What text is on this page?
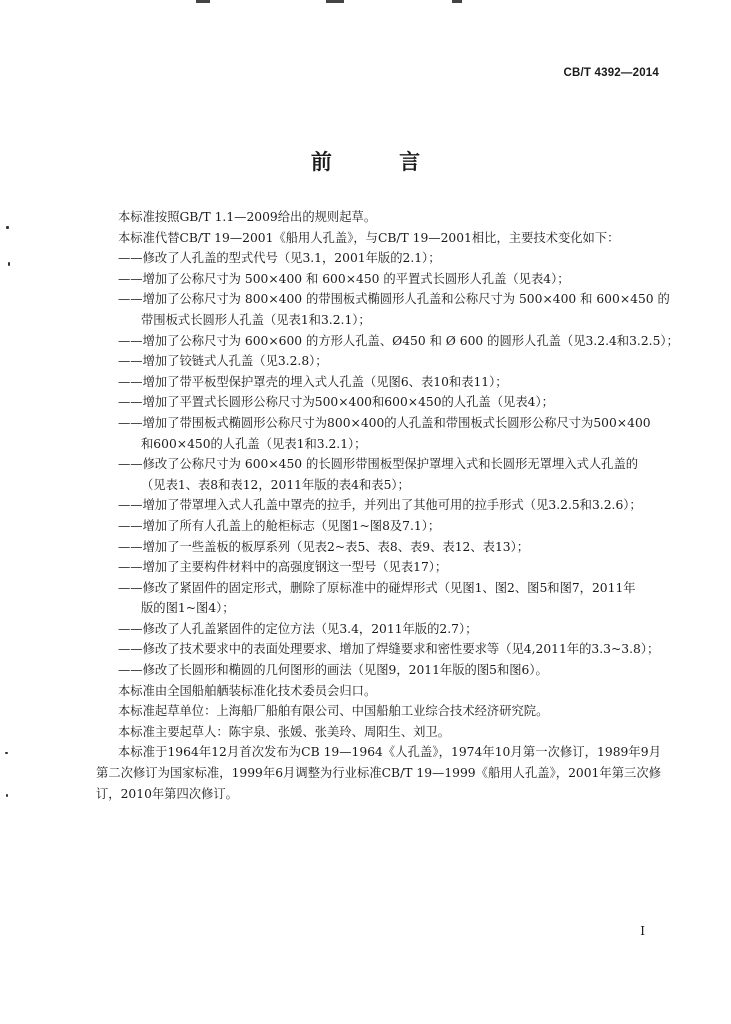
CB/T 4392—2014
前 言

本标准按照GB/T 1.1—2009给出的规则起草。

本标准代替CB/T 19—2001《船用人孔盖》，与CB/T 19—2001相比，主要技术变化如下：

——修改了人孔盖的型式代号（见3.1，2001年版的2.1）；

——增加了公称尺寸为 500×400 和 600×450 的平置式长圆形人孔盖（见表4）；

——增加了公称尺寸为 800×400 的带围板式椭圆形人孔盖和公称尺寸为 500×400 和 600×450 的

带围板式长圆形人孔盖（见表1和3.2.1）；

——增加了公称尺寸为 600×600 的方形人孔盖、Ø450 和 Ø 600 的圆形人孔盖（见3.2.4和3.2.5）；

——增加了铰链式人孔盖（见3.2.8）；

——增加了带平板型保护罩壳的埋入式人孔盖（见图6、表10和表11）；

——增加了平置式长圆形公称尺寸为500×400和600×450的人孔盖（见表4）；

——增加了带围板式椭圆形公称尺寸为800×400的人孔盖和带围板式长圆形公称尺寸为500×400

和600×450的人孔盖（见表1和3.2.1）；

——修改了公称尺寸为 600×450 的长圆形带围板型保护罩埋入式和长圆形无罩埋入式人孔盖的

（见表1、表8和表12，2011年版的表4和表5）；

——增加了带罩埋入式人孔盖中罩壳的拉手，并列出了其他可用的拉手形式（见3.2.5和3.2.6）；

——增加了所有人孔盖上的舱柜标志（见图1~图8及7.1）；

——增加了一些盖板的板厚系列（见表2~表5、表8、表9、表12、表13）；

——增加了主要构件材料中的高强度钢这一型号（见表17）；

——修改了紧固件的固定形式，删除了原标准中的碰焊形式（见图1、图2、图5和图7，2011年

版的图1~图4）；

——修改了人孔盖紧固件的定位方法（见3.4，2011年版的2.7）；

——修改了技术要求中的表面处理要求、增加了焊缝要求和密性要求等（见4,2011年的3.3~3.8）；

——修改了长圆形和椭圆的几何图形的画法（见图9，2011年版的图5和图6）。

本标准由全国船舶舾装标准化技术委员会归口。

本标准起草单位：上海船厂船舶有限公司、中国船舶工业综合技术经济研究院。

本标准主要起草人：陈宇泉、张媛、张美玲、周阳生、刘卫。

本标准于1964年12月首次发布为CB 19—1964《人孔盖》，1974年10月第一次修订，1989年9月第二次修订为国家标准，1999年6月调整为行业标准CB/T 19—1999《船用人孔盖》，2001年第三次修订，2010年第四次修订。

I
